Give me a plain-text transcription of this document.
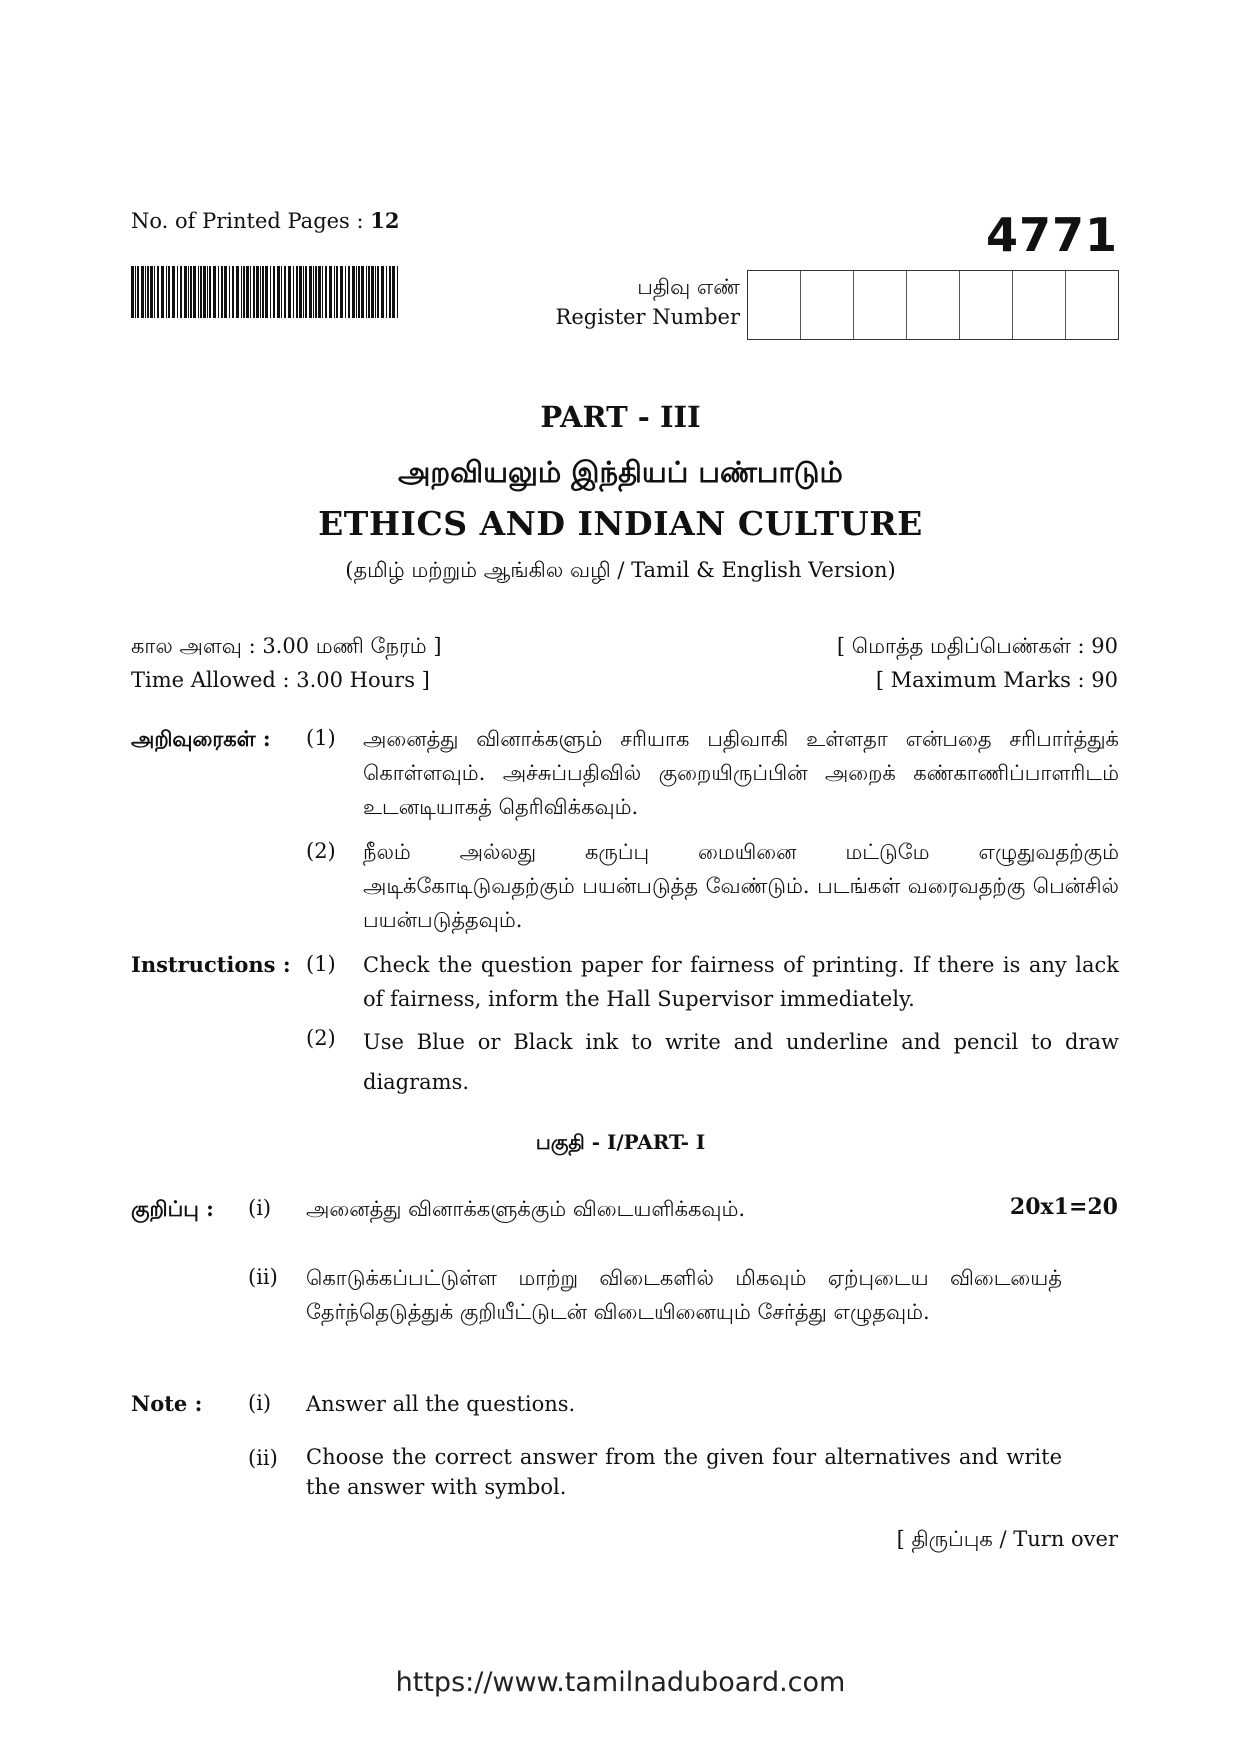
No. of Printed Pages : 12	4771
பதிவு எண்
Register Number
PART - III
அறவியலும் இந்தியப் பண்பாடும்
ETHICS AND INDIAN CULTURE
(தமிழ் மற்றும் ஆங்கில வழி / Tamil & English Version)
கால அளவு : 3.00 மணி நேரம் ]
Time Allowed : 3.00 Hours ]
[ மொத்த மதிப்பெண்கள் : 90
[ Maximum Marks : 90
அறிவுரைகள் : (1) அனைத்து வினாக்களும் சரியாக பதிவாகி உள்ளதா என்பதை சரிபார்த்துக் கொள்ளவும். அச்சுப்பதிவில் குறையிருப்பின் அறைக் கண்காணிப்பாளரிடம் உடனடியாகத் தெரிவிக்கவும்.
(2) நீலம் அல்லது கருப்பு மையினை மட்டுமே எழுதுவதற்கும் அடிக்கோடிடுவதற்கும் பயன்படுத்த வேண்டும். படங்கள் வரைவதற்கு பென்சில் பயன்படுத்தவும்.
Instructions : (1) Check the question paper for fairness of printing. If there is any lack of fairness, inform the Hall Supervisor immediately.
(2) Use Blue or Black ink to write and underline and pencil to draw diagrams.
பகுதி - I/PART- I
குறிப்பு : (i) அனைத்து வினாக்களுக்கும் விடையளிக்கவும்.	20x1=20
(ii) கொடுக்கப்பட்டுள்ள மாற்று விடைகளில் மிகவும் ஏற்புடைய விடையைத் தேர்ந்தெடுத்துக் குறியீட்டுடன் விடையினையும் சேர்த்து எழுதவும்.
Note : (i) Answer all the questions.
(ii) Choose the correct answer from the given four alternatives and write the answer with symbol.
[ திருப்புக / Turn over
https://www.tamilnaduboard.com
